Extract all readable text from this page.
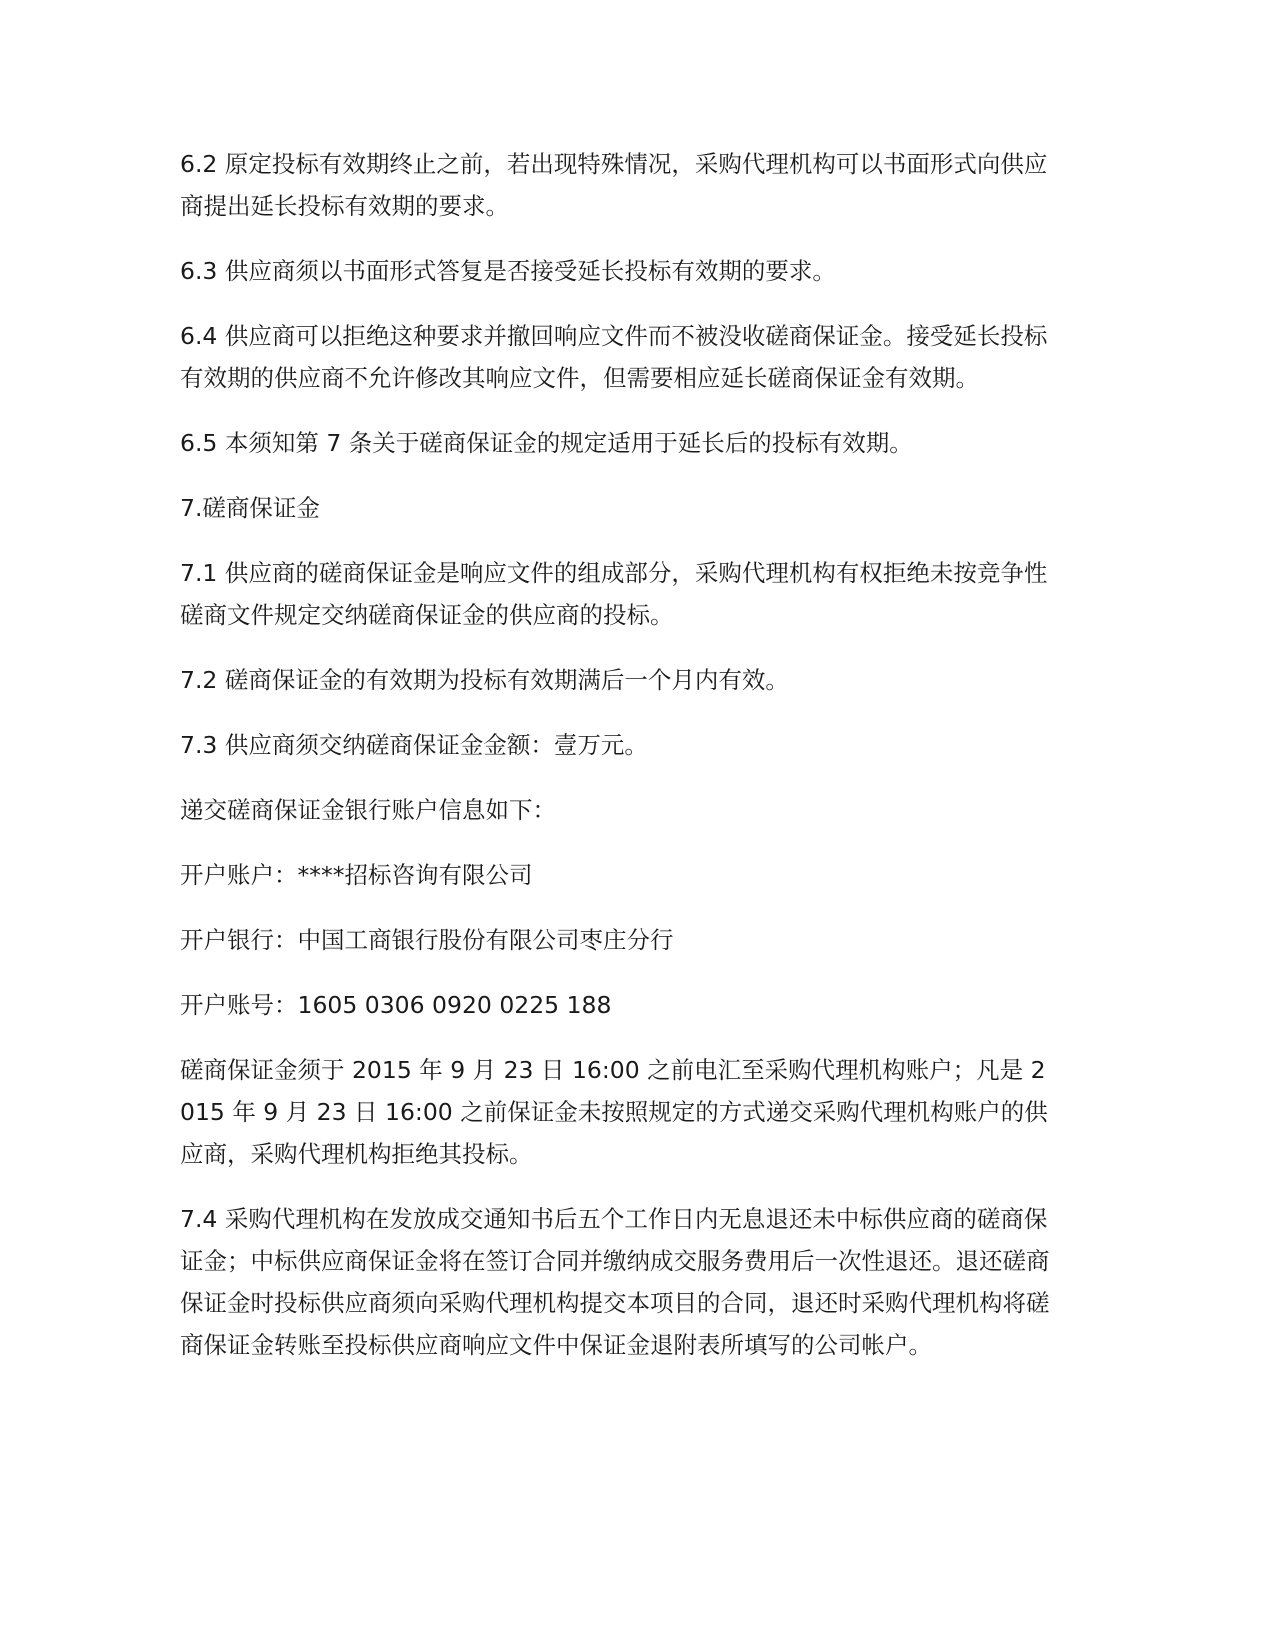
6.2 原定投标有效期终止之前，若出现特殊情况，采购代理机构可以书面形式向供应商提出延长投标有效期的要求。

6.3 供应商须以书面形式答复是否接受延长投标有效期的要求。

6.4 供应商可以拒绝这种要求并撤回响应文件而不被没收磋商保证金。接受延长投标有效期的供应商不允许修改其响应文件，但需要相应延长磋商保证金有效期。

6.5 本须知第 7 条关于磋商保证金的规定适用于延长后的投标有效期。

7.磋商保证金

7.1 供应商的磋商保证金是响应文件的组成部分，采购代理机构有权拒绝未按竞争性磋商文件规定交纳磋商保证金的供应商的投标。

7.2 磋商保证金的有效期为投标有效期满后一个月内有效。

7.3 供应商须交纳磋商保证金金额：壹万元。

递交磋商保证金银行账户信息如下：

开户账户：****招标咨询有限公司

开户银行：中国工商银行股份有限公司枣庄分行

开户账号：1605 0306 0920 0225 188

磋商保证金须于 2015 年 9 月 23 日 16:00 之前电汇至采购代理机构账户；凡是 2015 年 9 月 23 日 16:00 之前保证金未按照规定的方式递交采购代理机构账户的供应商，采购代理机构拒绝其投标。

7.4 采购代理机构在发放成交通知书后五个工作日内无息退还未中标供应商的磋商保证金；中标供应商保证金将在签订合同并缴纳成交服务费用后一次性退还。退还磋商保证金时投标供应商须向采购代理机构提交本项目的合同，退还时采购代理机构将磋商保证金转账至投标供应商响应文件中保证金退附表所填写的公司帐户。
